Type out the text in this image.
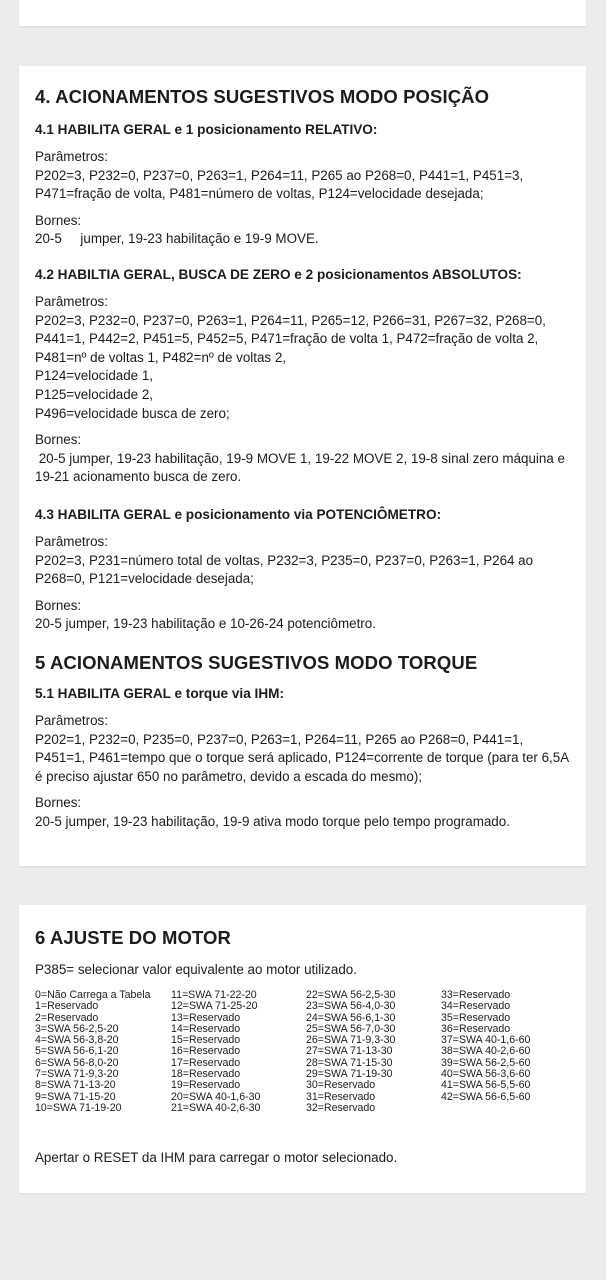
4. ACIONAMENTOS SUGESTIVOS MODO POSIÇÃO
4.1 HABILITA GERAL e 1 posicionamento RELATIVO:
Parâmetros:

P202=3, P232=0, P237=0, P263=1, P264=11, P265 ao P268=0, P441=1, P451=3,

P471=fração de volta, P481=número de voltas, P124=velocidade desejada;

Bornes:

20-5     jumper, 19-23 habilitação e 19-9 MOVE.

4.2 HABILTIA GERAL, BUSCA DE ZERO e 2 posicionamentos ABSOLUTOS:
Parâmetros:

P202=3, P232=0, P237=0, P263=1, P264=11, P265=12, P266=31, P267=32, P268=0,

P441=1, P442=2, P451=5, P452=5, P471=fração de volta 1, P472=fração de volta 2,

P481=nº de voltas 1, P482=nº de voltas 2,

P124=velocidade 1,

P125=velocidade 2,

P496=velocidade busca de zero;

Bornes:

20-5 jumper, 19-23 habilitação, 19-9 MOVE 1, 19-22 MOVE 2, 19-8 sinal zero máquina e

19-21 acionamento busca de zero.

4.3 HABILITA GERAL e posicionamento via POTENCIÔMETRO:
Parâmetros:

P202=3, P231=número total de voltas, P232=3, P235=0, P237=0, P263=1, P264 ao

P268=0, P121=velocidade desejada;

Bornes:

20-5 jumper, 19-23 habilitação e 10-26-24 potenciômetro.

5 ACIONAMENTOS SUGESTIVOS MODO TORQUE
5.1 HABILITA GERAL e torque via IHM:
Parâmetros:

P202=1, P232=0, P235=0, P237=0, P263=1, P264=11, P265 ao P268=0, P441=1,

P451=1, P461=tempo que o torque será aplicado, P124=corrente de torque (para ter 6,5A

é preciso ajustar 650 no parâmetro, devido a escada do mesmo);

Bornes:

20-5 jumper, 19-23 habilitação, 19-9 ativa modo torque pelo tempo programado.

6 AJUSTE DO MOTOR

P385= selecionar valor equivalente ao motor utilizado.

0=Não Carrega a Tabela
1=Reservado
2=Reservado
3=SWA 56-2,5-20
4=SWA 56-3,8-20
5=SWA 56-6,1-20
6=SWA 56-8,0-20
7=SWA 71-9,3-20
8=SWA 71-13-20
9=SWA 71-15-20
10=SWA 71-19-20
11=SWA 71-22-20
12=SWA 71-25-20
13=Reservado
14=Reservado
15=Reservado
16=Reservado
17=Reservado
18=Reservado
19=Reservado
20=SWA 40-1,6-30
21=SWA 40-2,6-30
22=SWA 56-2,5-30
23=SWA 56-4,0-30
24=SWA 56-6,1-30
25=SWA 56-7,0-30
26=SWA 71-9,3-30
27=SWA 71-13-30
28=SWA 71-15-30
29=SWA 71-19-30
30=Reservado
31=Reservado
32=Reservado
33=Reservado
34=Reservado
35=Reservado
36=Reservado
37=SWA 40-1,6-60
38=SWA 40-2,6-60
39=SWA 56-2,5-60
40=SWA 56-3,6-60
41=SWA 56-5,5-60
42=SWA 56-6,5-60

Apertar o RESET da IHM para carregar o motor selecionado.
